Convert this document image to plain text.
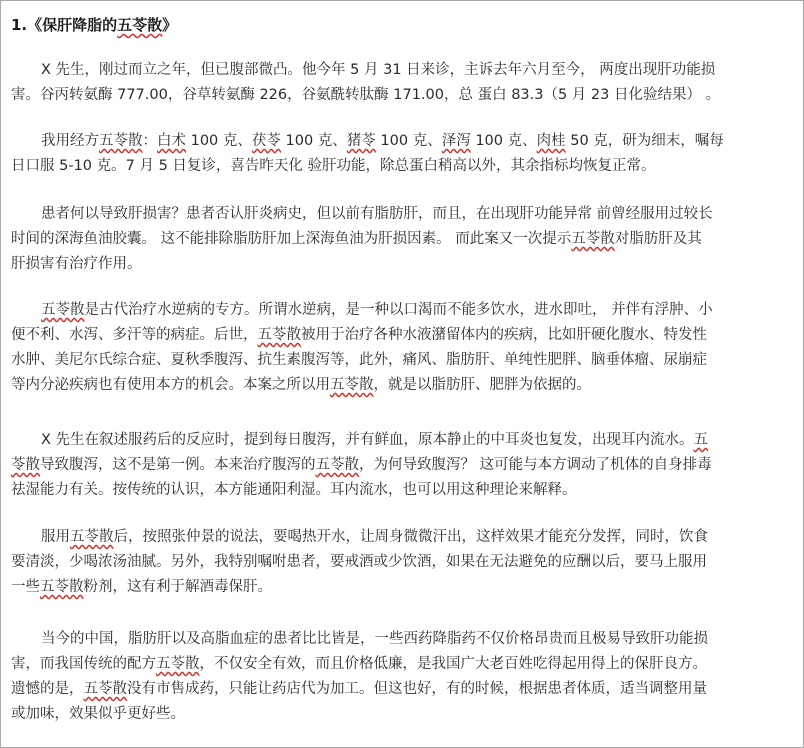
1.《保肝降脂的五苓散》
X 先生，刚过而立之年，但已腹部微凸。他今年 5 月 31 日来诊，主诉去年六月至今， 两度出现肝功能损
害。谷丙转氨酶 777.00，谷草转氨酶 226，谷氨酰转肽酶 171.00，总 蛋白 83.3（5 月 23 日化验结果） 。
我用经方五苓散：白术 100 克、茯苓 100 克、猪苓 100 克、泽泻 100 克、肉桂 50 克，研为细末，嘱每
日口服 5-10 克。7 月 5 日复诊，喜告昨天化 验肝功能，除总蛋白稍高以外，其余指标均恢复正常。
患者何以导致肝损害？患者否认肝炎病史，但以前有脂肪肝，而且，在出现肝功能异常 前曾经服用过较长
时间的深海鱼油胶囊。 这不能排除脂肪肝加上深海鱼油为肝损因素。 而此案又一次提示五苓散对脂肪肝及其
肝损害有治疗作用。
五苓散是古代治疗水逆病的专方。所谓水逆病，是一种以口渴而不能多饮水，进水即吐， 并伴有浮肿、小
便不利、水泻、多汗等的病症。后世，五苓散被用于治疗各种水液潴留体内的疾病，比如肝硬化腹水、特发性
水肿、美尼尔氏综合症、夏秋季腹泻、抗生素腹泻等，此外，痛风、脂肪肝、单纯性肥胖、脑垂体瘤、尿崩症
等内分泌疾病也有使用本方的机会。本案之所以用五苓散，就是以脂肪肝、肥胖为依据的。
X 先生在叙述服药后的反应时，提到每日腹泻，并有鲜血，原本静止的中耳炎也复发，出现耳内流水。五
苓散导致腹泻，这不是第一例。本来治疗腹泻的五苓散，为何导致腹泻？ 这可能与本方调动了机体的自身排毒
祛湿能力有关。按传统的认识，本方能通阳利湿。耳内流水，也可以用这种理论来解释。
服用五苓散后，按照张仲景的说法，要喝热开水，让周身微微汗出，这样效果才能充分发挥，同时，饮食
要清淡，少喝浓汤油腻。另外，我特别嘱咐患者，要戒酒或少饮酒，如果在无法避免的应酬以后，要马上服用
一些五苓散粉剂，这有利于解酒毒保肝。
当今的中国，脂肪肝以及高脂血症的患者比比皆是，一些西药降脂药不仅价格昂贵而且极易导致肝功能损
害，而我国传统的配方五苓散，不仅安全有效，而且价格低廉，是我国广大老百姓吃得起用得上的保肝良方。
遗憾的是，五苓散没有市售成药，只能让药店代为加工。但这也好，有的时候，根据患者体质，适当调整用量
或加味，效果似乎更好些。
